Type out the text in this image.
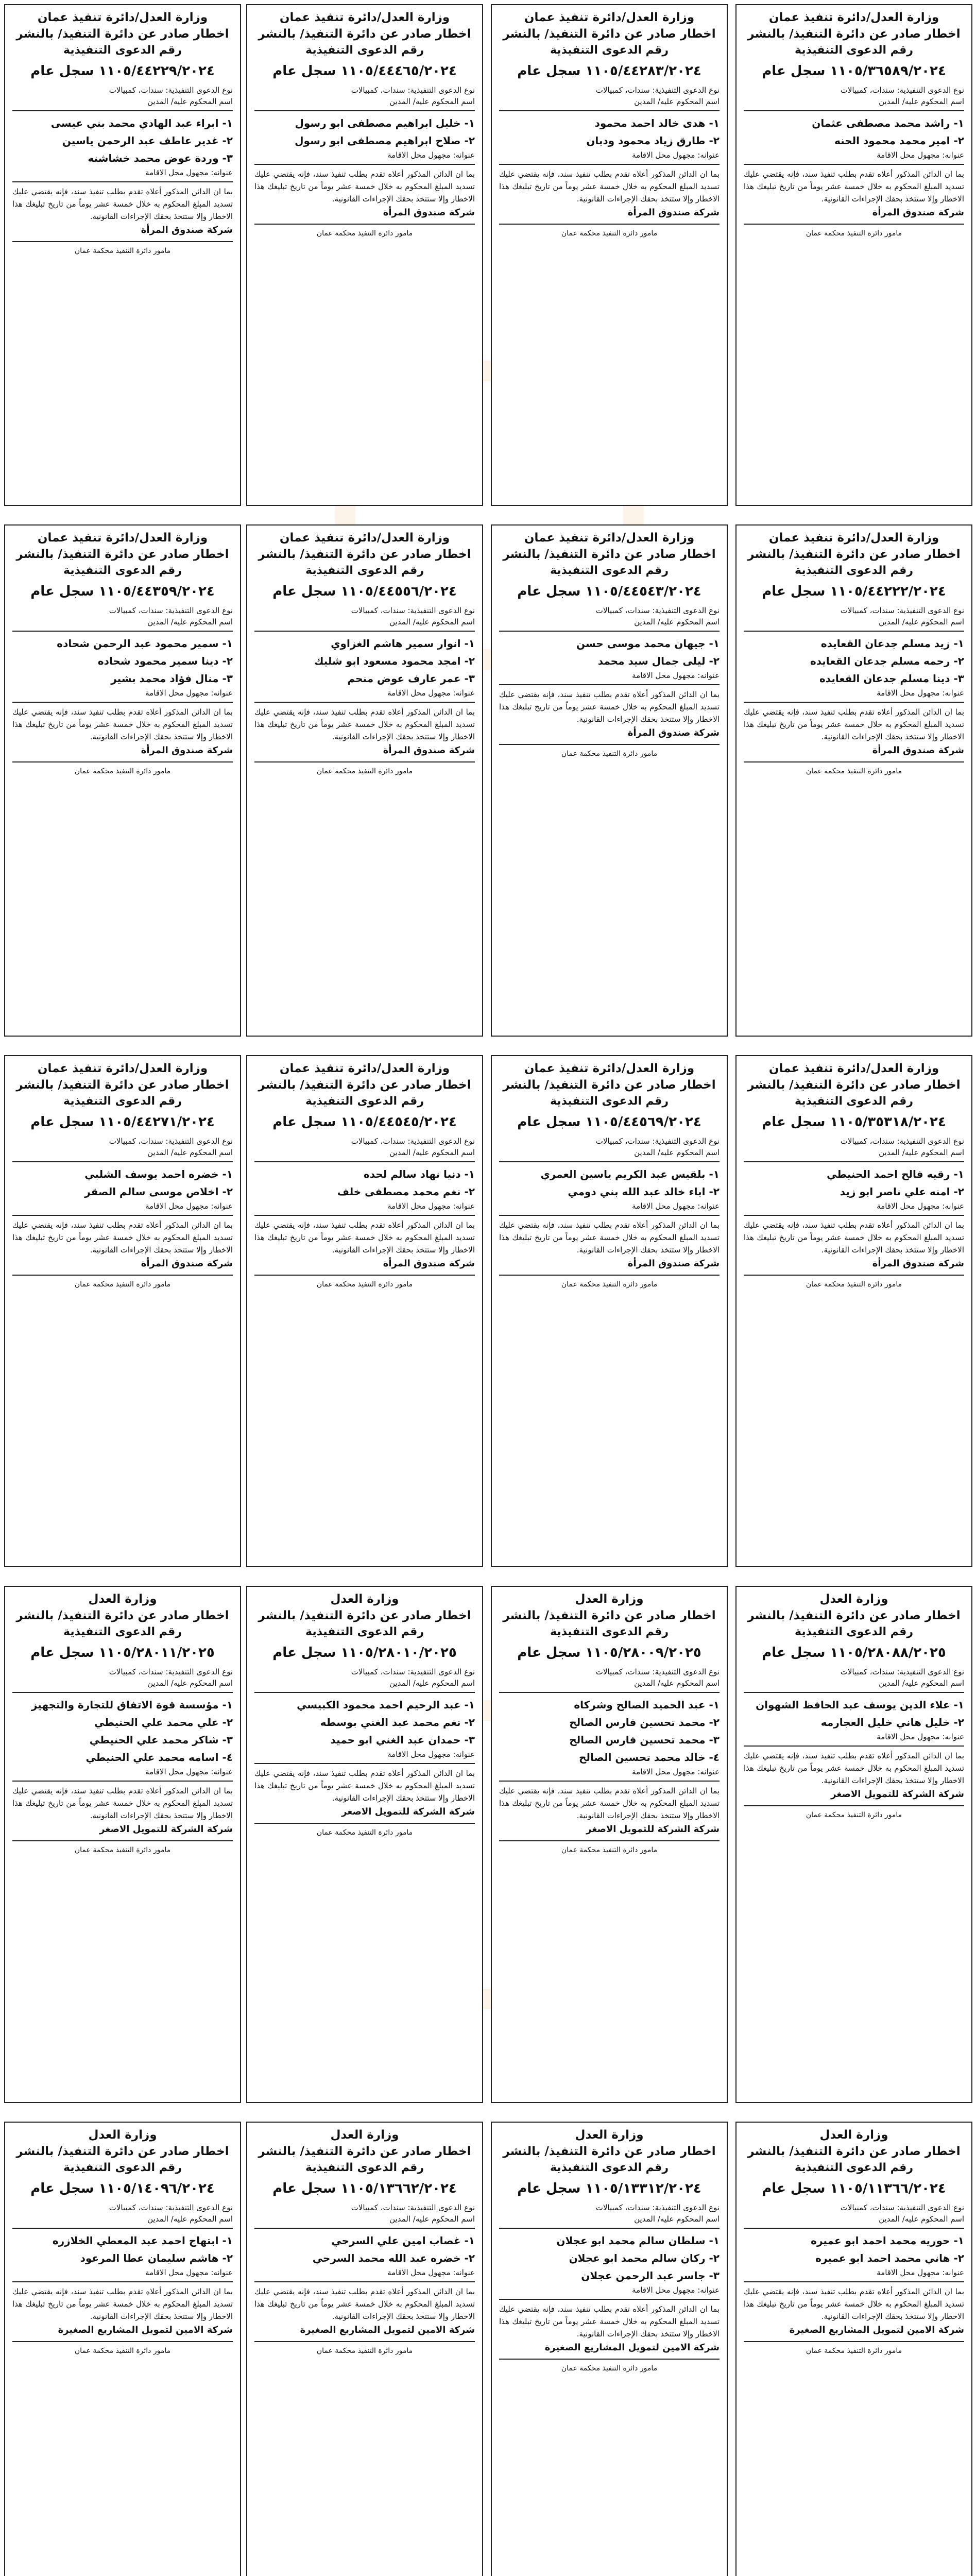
وزارة العدل/دائرة تنفيذ عمان
اخطار صادر عن دائرة التنفيذ/ بالنشر
رقم الدعوى التنفيذية
١١٠٥/٣٦٥٨٩/٢٠٢٤ سجل عام
نوع الدعوى التنفيذية: سندات، كمبيالات
اسم المحكوم عليه/ المدين
١- راشد محمد مصطفى عثمان
٢- امير محمد محمود الحنه
عنوانه: مجهول محل الاقامة
بما ان الدائن المذكور أعلاه تقدم بطلب تنفيذ سند، فإنه يقتضي عليك تسديد المبلغ المحكوم به خلال خمسة عشر يوماً من تاريخ تبليغك هذا الاخطار وإلا ستتخذ بحقك الإجراءات القانونية.
شركة صندوق المرأة
مامور دائرة التنفيذ محكمة عمان
وزارة العدل/دائرة تنفيذ عمان
اخطار صادر عن دائرة التنفيذ/ بالنشر
رقم الدعوى التنفيذية
١١٠٥/٤٤٢٨٣/٢٠٢٤ سجل عام
نوع الدعوى التنفيذية: سندات، كمبيالات
اسم المحكوم عليه/ المدين
١- هدى خالد احمد محمود
٢- طارق زياد محمود ودبان
عنوانه: مجهول محل الاقامة
بما ان الدائن المذكور أعلاه تقدم بطلب تنفيذ سند، فإنه يقتضي عليك تسديد المبلغ المحكوم به خلال خمسة عشر يوماً من تاريخ تبليغك هذا الاخطار وإلا ستتخذ بحقك الإجراءات القانونية.
شركة صندوق المرأة
مامور دائرة التنفيذ محكمة عمان
وزارة العدل/دائرة تنفيذ عمان
اخطار صادر عن دائرة التنفيذ/ بالنشر
رقم الدعوى التنفيذية
١١٠٥/٤٤٤٦٥/٢٠٢٤ سجل عام
نوع الدعوى التنفيذية: سندات، كمبيالات
اسم المحكوم عليه/ المدين
١- خليل ابراهيم مصطفى ابو رسول
٢- صلاح ابراهيم مصطفى ابو رسول
عنوانه: مجهول محل الاقامة
بما ان الدائن المذكور أعلاه تقدم بطلب تنفيذ سند، فإنه يقتضي عليك تسديد المبلغ المحكوم به خلال خمسة عشر يوماً من تاريخ تبليغك هذا الاخطار وإلا ستتخذ بحقك الإجراءات القانونية.
شركة صندوق المرأة
مامور دائرة التنفيذ محكمة عمان
وزارة العدل/دائرة تنفيذ عمان
اخطار صادر عن دائرة التنفيذ/ بالنشر
رقم الدعوى التنفيذية
١١٠٥/٤٤٢٢٩/٢٠٢٤ سجل عام
نوع الدعوى التنفيذية: سندات، كمبيالات
اسم المحكوم عليه/ المدين
١- ابراء عبد الهادي محمد بني عيسى
٢- غدير عاطف عبد الرحمن ياسين
٣- وردة عوض محمد خشاشنه
عنوانه: مجهول محل الاقامة
بما ان الدائن المذكور أعلاه تقدم بطلب تنفيذ سند، فإنه يقتضي عليك تسديد المبلغ المحكوم به خلال خمسة عشر يوماً من تاريخ تبليغك هذا الاخطار وإلا ستتخذ بحقك الإجراءات القانونية.
شركة صندوق المرأة
مامور دائرة التنفيذ محكمة عمان
وزارة العدل/دائرة تنفيذ عمان
اخطار صادر عن دائرة التنفيذ/ بالنشر
رقم الدعوى التنفيذية
١١٠٥/٤٤٢٢٢/٢٠٢٤ سجل عام
نوع الدعوى التنفيذية: سندات، كمبيالات
اسم المحكوم عليه/ المدين
١- زيد مسلم جدعان القعايده
٢- رحمه مسلم جدعان القعايده
٣- دينا مسلم جدعان القعايده
عنوانه: مجهول محل الاقامة
بما ان الدائن المذكور أعلاه تقدم بطلب تنفيذ سند، فإنه يقتضي عليك تسديد المبلغ المحكوم به خلال خمسة عشر يوماً من تاريخ تبليغك هذا الاخطار وإلا ستتخذ بحقك الإجراءات القانونية.
شركة صندوق المرأة
مامور دائرة التنفيذ محكمة عمان
وزارة العدل/دائرة تنفيذ عمان
اخطار صادر عن دائرة التنفيذ/ بالنشر
رقم الدعوى التنفيذية
١١٠٥/٤٤٥٤٣/٢٠٢٤ سجل عام
نوع الدعوى التنفيذية: سندات، كمبيالات
اسم المحكوم عليه/ المدين
١- جيهان محمد موسى حسن
٢- ليلى جمال سيد محمد
عنوانه: مجهول محل الاقامة
بما ان الدائن المذكور أعلاه تقدم بطلب تنفيذ سند، فإنه يقتضي عليك تسديد المبلغ المحكوم به خلال خمسة عشر يوماً من تاريخ تبليغك هذا الاخطار وإلا ستتخذ بحقك الإجراءات القانونية.
شركة صندوق المرأة
مامور دائرة التنفيذ محكمة عمان
وزارة العدل/دائرة تنفيذ عمان
اخطار صادر عن دائرة التنفيذ/ بالنشر
رقم الدعوى التنفيذية
١١٠٥/٤٤٥٥٦/٢٠٢٤ سجل عام
نوع الدعوى التنفيذية: سندات، كمبيالات
اسم المحكوم عليه/ المدين
١- انوار سمير هاشم الغزاوي
٢- امجد محمود مسعود ابو شليك
٣- عمر عارف عوض منحم
عنوانه: مجهول محل الاقامة
بما ان الدائن المذكور أعلاه تقدم بطلب تنفيذ سند، فإنه يقتضي عليك تسديد المبلغ المحكوم به خلال خمسة عشر يوماً من تاريخ تبليغك هذا الاخطار وإلا ستتخذ بحقك الإجراءات القانونية.
شركة صندوق المرأة
مامور دائرة التنفيذ محكمة عمان
وزارة العدل/دائرة تنفيذ عمان
اخطار صادر عن دائرة التنفيذ/ بالنشر
رقم الدعوى التنفيذية
١١٠٥/٤٤٣٥٩/٢٠٢٤ سجل عام
نوع الدعوى التنفيذية: سندات، كمبيالات
اسم المحكوم عليه/ المدين
١- سمير محمود عبد الرحمن شحاده
٢- دينا سمير محمود شحاده
٣- منال فؤاد محمد بشير
عنوانه: مجهول محل الاقامة
بما ان الدائن المذكور أعلاه تقدم بطلب تنفيذ سند، فإنه يقتضي عليك تسديد المبلغ المحكوم به خلال خمسة عشر يوماً من تاريخ تبليغك هذا الاخطار وإلا ستتخذ بحقك الإجراءات القانونية.
شركة صندوق المرأة
مامور دائرة التنفيذ محكمة عمان
وزارة العدل/دائرة تنفيذ عمان
اخطار صادر عن دائرة التنفيذ/ بالنشر
رقم الدعوى التنفيذية
١١٠٥/٣٥٣١٨/٢٠٢٤ سجل عام
نوع الدعوى التنفيذية: سندات، كمبيالات
اسم المحكوم عليه/ المدين
١- رقيه فالح احمد الحنيطي
٢- امنه علي ناصر ابو زيد
عنوانه: مجهول محل الاقامة
بما ان الدائن المذكور أعلاه تقدم بطلب تنفيذ سند، فإنه يقتضي عليك تسديد المبلغ المحكوم به خلال خمسة عشر يوماً من تاريخ تبليغك هذا الاخطار وإلا ستتخذ بحقك الإجراءات القانونية.
شركة صندوق المرأة
مامور دائرة التنفيذ محكمة عمان
وزارة العدل/دائرة تنفيذ عمان
اخطار صادر عن دائرة التنفيذ/ بالنشر
رقم الدعوى التنفيذية
١١٠٥/٤٤٥٦٩/٢٠٢٤ سجل عام
نوع الدعوى التنفيذية: سندات، كمبيالات
اسم المحكوم عليه/ المدين
١- بلقيس عبد الكريم ياسين العمري
٢- اباء خالد عبد الله بني دومي
عنوانه: مجهول محل الاقامة
بما ان الدائن المذكور أعلاه تقدم بطلب تنفيذ سند، فإنه يقتضي عليك تسديد المبلغ المحكوم به خلال خمسة عشر يوماً من تاريخ تبليغك هذا الاخطار وإلا ستتخذ بحقك الإجراءات القانونية.
شركة صندوق المرأة
مامور دائرة التنفيذ محكمة عمان
وزارة العدل/دائرة تنفيذ عمان
اخطار صادر عن دائرة التنفيذ/ بالنشر
رقم الدعوى التنفيذية
١١٠٥/٤٤٥٤٥/٢٠٢٤ سجل عام
نوع الدعوى التنفيذية: سندات، كمبيالات
اسم المحكوم عليه/ المدين
١- دنيا نهاد سالم لحده
٢- نغم محمد مصطفى خلف
عنوانه: مجهول محل الاقامة
بما ان الدائن المذكور أعلاه تقدم بطلب تنفيذ سند، فإنه يقتضي عليك تسديد المبلغ المحكوم به خلال خمسة عشر يوماً من تاريخ تبليغك هذا الاخطار وإلا ستتخذ بحقك الإجراءات القانونية.
شركة صندوق المرأة
مامور دائرة التنفيذ محكمة عمان
وزارة العدل/دائرة تنفيذ عمان
اخطار صادر عن دائرة التنفيذ/ بالنشر
رقم الدعوى التنفيذية
١١٠٥/٤٤٢٧١/٢٠٢٤ سجل عام
نوع الدعوى التنفيذية: سندات، كمبيالات
اسم المحكوم عليه/ المدين
١- خضره احمد يوسف الشلبي
٢- اخلاص موسى سالم الصقر
عنوانه: مجهول محل الاقامة
بما ان الدائن المذكور أعلاه تقدم بطلب تنفيذ سند، فإنه يقتضي عليك تسديد المبلغ المحكوم به خلال خمسة عشر يوماً من تاريخ تبليغك هذا الاخطار وإلا ستتخذ بحقك الإجراءات القانونية.
شركة صندوق المرأة
مامور دائرة التنفيذ محكمة عمان
وزارة العدل
اخطار صادر عن دائرة التنفيذ/ بالنشر
رقم الدعوى التنفيذية
١١٠٥/٢٨٠٨٨/٢٠٢٥ سجل عام
نوع الدعوى التنفيذية: سندات، كمبيالات
اسم المحكوم عليه/ المدين
١- علاء الدين يوسف عبد الحافظ الشهوان
٢- خليل هاني خليل العجارمه
عنوانه: مجهول محل الاقامة
بما ان الدائن المذكور أعلاه تقدم بطلب تنفيذ سند، فإنه يقتضي عليك تسديد المبلغ المحكوم به خلال خمسة عشر يوماً من تاريخ تبليغك هذا الاخطار وإلا ستتخذ بحقك الإجراءات القانونية.
شركة الشركة للتمويل الاصغر
مامور دائرة التنفيذ محكمة عمان
وزارة العدل
اخطار صادر عن دائرة التنفيذ/ بالنشر
رقم الدعوى التنفيذية
١١٠٥/٢٨٠٠٩/٢٠٢٥ سجل عام
نوع الدعوى التنفيذية: سندات، كمبيالات
اسم المحكوم عليه/ المدين
١- عبد الحميد الصالح وشركاه
٢- محمد تحسين فارس الصالح
٣- محمد تحسين فارس الصالح
٤- خالد محمد تحسين الصالح
عنوانه: مجهول محل الاقامة
بما ان الدائن المذكور أعلاه تقدم بطلب تنفيذ سند، فإنه يقتضي عليك تسديد المبلغ المحكوم به خلال خمسة عشر يوماً من تاريخ تبليغك هذا الاخطار وإلا ستتخذ بحقك الإجراءات القانونية.
شركة الشركة للتمويل الاصغر
مامور دائرة التنفيذ محكمة عمان
وزارة العدل
اخطار صادر عن دائرة التنفيذ/ بالنشر
رقم الدعوى التنفيذية
١١٠٥/٢٨٠١٠/٢٠٢٥ سجل عام
نوع الدعوى التنفيذية: سندات، كمبيالات
اسم المحكوم عليه/ المدين
١- عبد الرحيم احمد محمود الكبيسي
٢- نغم محمد عبد الغني بوسطه
٣- حمدان عبد الغني ابو حميد
عنوانه: مجهول محل الاقامة
بما ان الدائن المذكور أعلاه تقدم بطلب تنفيذ سند، فإنه يقتضي عليك تسديد المبلغ المحكوم به خلال خمسة عشر يوماً من تاريخ تبليغك هذا الاخطار وإلا ستتخذ بحقك الإجراءات القانونية.
شركة الشركة للتمويل الاصغر
مامور دائرة التنفيذ محكمة عمان
وزارة العدل
اخطار صادر عن دائرة التنفيذ/ بالنشر
رقم الدعوى التنفيذية
١١٠٥/٢٨٠١١/٢٠٢٥ سجل عام
نوع الدعوى التنفيذية: سندات، كمبيالات
اسم المحكوم عليه/ المدين
١- مؤسسة قوة الاتفاق للتجارة والتجهيز
٢- علي محمد علي الحنيطي
٣- شاكر محمد علي الحنيطي
٤- اسامه محمد علي الحنيطي
عنوانه: مجهول محل الاقامة
بما ان الدائن المذكور أعلاه تقدم بطلب تنفيذ سند، فإنه يقتضي عليك تسديد المبلغ المحكوم به خلال خمسة عشر يوماً من تاريخ تبليغك هذا الاخطار وإلا ستتخذ بحقك الإجراءات القانونية.
شركة الشركة للتمويل الاصغر
مامور دائرة التنفيذ محكمة عمان
وزارة العدل
اخطار صادر عن دائرة التنفيذ/ بالنشر
رقم الدعوى التنفيذية
١١٠٥/١١٣٦٦/٢٠٢٤ سجل عام
نوع الدعوى التنفيذية: سندات، كمبيالات
اسم المحكوم عليه/ المدين
١- حوريه محمد احمد ابو عميره
٢- هاني محمد احمد ابو عميره
عنوانه: مجهول محل الاقامة
بما ان الدائن المذكور أعلاه تقدم بطلب تنفيذ سند، فإنه يقتضي عليك تسديد المبلغ المحكوم به خلال خمسة عشر يوماً من تاريخ تبليغك هذا الاخطار وإلا ستتخذ بحقك الإجراءات القانونية.
شركة الامين لتمويل المشاريع الصغيرة
مامور دائرة التنفيذ محكمة عمان
وزارة العدل
اخطار صادر عن دائرة التنفيذ/ بالنشر
رقم الدعوى التنفيذية
١١٠٥/١٣٣١٢/٢٠٢٤ سجل عام
نوع الدعوى التنفيذية: سندات، كمبيالات
اسم المحكوم عليه/ المدين
١- سلطان سالم محمد ابو عجلان
٢- ركان سالم محمد ابو عجلان
٣- جاسر عبد الرحمن عجلان
عنوانه: مجهول محل الاقامة
بما ان الدائن المذكور أعلاه تقدم بطلب تنفيذ سند، فإنه يقتضي عليك تسديد المبلغ المحكوم به خلال خمسة عشر يوماً من تاريخ تبليغك هذا الاخطار وإلا ستتخذ بحقك الإجراءات القانونية.
شركة الامين لتمويل المشاريع الصغيرة
مامور دائرة التنفيذ محكمة عمان
وزارة العدل
اخطار صادر عن دائرة التنفيذ/ بالنشر
رقم الدعوى التنفيذية
١١٠٥/١٣٦٦٢/٢٠٢٤ سجل عام
نوع الدعوى التنفيذية: سندات، كمبيالات
اسم المحكوم عليه/ المدين
١- غصاب امين علي السرحي
٢- خضره عبد الله محمد السرحي
عنوانه: مجهول محل الاقامة
بما ان الدائن المذكور أعلاه تقدم بطلب تنفيذ سند، فإنه يقتضي عليك تسديد المبلغ المحكوم به خلال خمسة عشر يوماً من تاريخ تبليغك هذا الاخطار وإلا ستتخذ بحقك الإجراءات القانونية.
شركة الامين لتمويل المشاريع الصغيرة
مامور دائرة التنفيذ محكمة عمان
وزارة العدل
اخطار صادر عن دائرة التنفيذ/ بالنشر
رقم الدعوى التنفيذية
١١٠٥/١٤٠٩٦/٢٠٢٤ سجل عام
نوع الدعوى التنفيذية: سندات، كمبيالات
اسم المحكوم عليه/ المدين
١- ابتهاج احمد عبد المعطي الخلازره
٢- هاشم سليمان عطا المرعود
عنوانه: مجهول محل الاقامة
بما ان الدائن المذكور أعلاه تقدم بطلب تنفيذ سند، فإنه يقتضي عليك تسديد المبلغ المحكوم به خلال خمسة عشر يوماً من تاريخ تبليغك هذا الاخطار وإلا ستتخذ بحقك الإجراءات القانونية.
شركة الامين لتمويل المشاريع الصغيرة
مامور دائرة التنفيذ محكمة عمان
